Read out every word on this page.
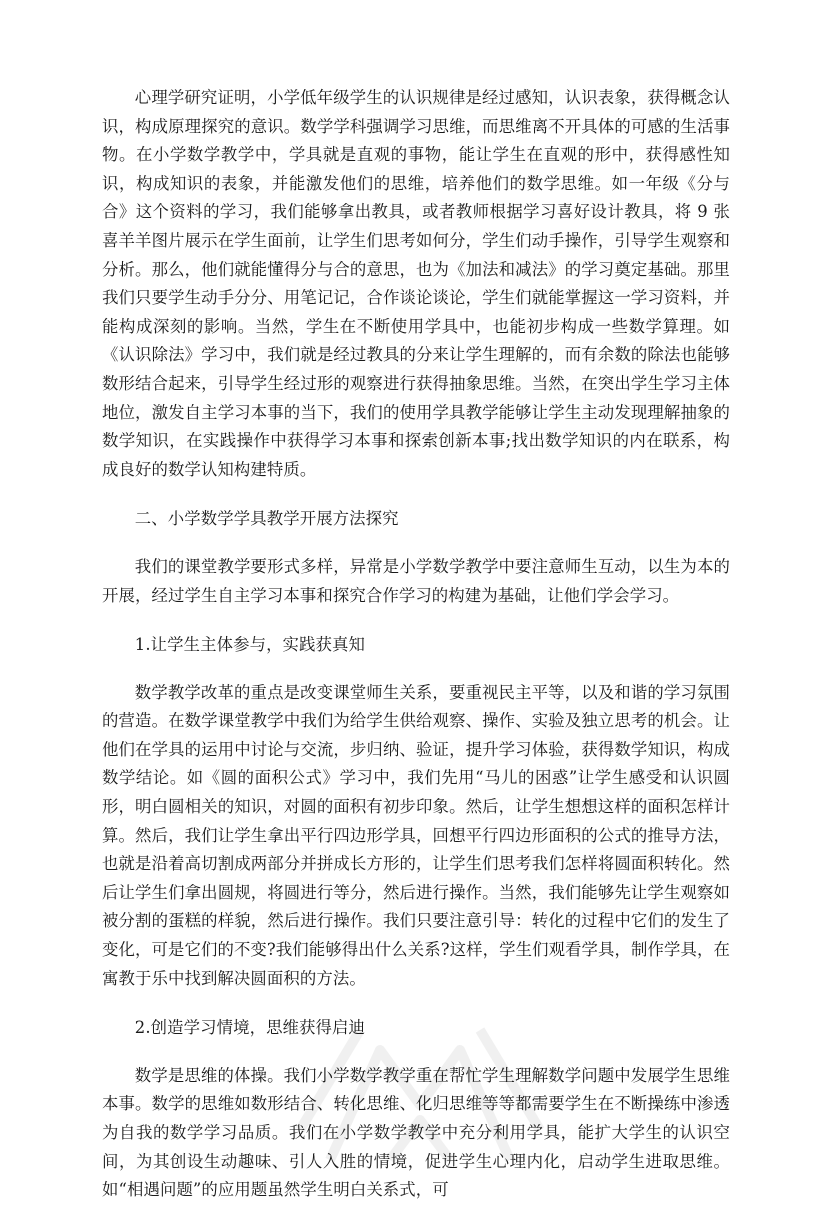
心理学研究证明，小学低年级学生的认识规律是经过感知，认识表象，获得概念认识，构成原理探究的意识。数学学科强调学习思维，而思维离不开具体的可感的生活事物。在小学数学教学中，学具就是直观的事物，能让学生在直观的形中，获得感性知识，构成知识的表象，并能激发他们的思维，培养他们的数学思维。如一年级《分与合》这个资料的学习，我们能够拿出教具，或者教师根据学习喜好设计教具，将 9 张喜羊羊图片展示在学生面前，让学生们思考如何分，学生们动手操作，引导学生观察和分析。那么，他们就能懂得分与合的意思，也为《加法和减法》的学习奠定基础。那里我们只要学生动手分分、用笔记记，合作谈论谈论，学生们就能掌握这一学习资料，并能构成深刻的影响。当然，学生在不断使用学具中，也能初步构成一些数学算理。如《认识除法》学习中，我们就是经过教具的分来让学生理解的，而有余数的除法也能够数形结合起来，引导学生经过形的观察进行获得抽象思维。当然，在突出学生学习主体地位，激发自主学习本事的当下，我们的使用学具教学能够让学生主动发现理解抽象的数学知识，在实践操作中获得学习本事和探索创新本事;找出数学知识的内在联系，构成良好的数学认知构建特质。

二、小学数学学具教学开展方法探究

我们的课堂教学要形式多样，异常是小学数学教学中要注意师生互动，以生为本的开展，经过学生自主学习本事和探究合作学习的构建为基础，让他们学会学习。

1.让学生主体参与，实践获真知

数学教学改革的重点是改变课堂师生关系，要重视民主平等，以及和谐的学习氛围的营造。在数学课堂教学中我们为给学生供给观察、操作、实验及独立思考的机会。让他们在学具的运用中讨论与交流，步归纳、验证，提升学习体验，获得数学知识，构成数学结论。如《圆的面积公式》学习中，我们先用“马儿的困惑”让学生感受和认识圆形，明白圆相关的知识，对圆的面积有初步印象。然后，让学生想想这样的面积怎样计算。然后，我们让学生拿出平行四边形学具，回想平行四边形面积的公式的推导方法，也就是沿着高切割成两部分并拼成长方形的，让学生们思考我们怎样将圆面积转化。然后让学生们拿出圆规，将圆进行等分，然后进行操作。当然，我们能够先让学生观察如被分割的蛋糕的样貌，然后进行操作。我们只要注意引导：转化的过程中它们的发生了变化，可是它们的不变?我们能够得出什么关系?这样，学生们观看学具，制作学具，在寓教于乐中找到解决圆面积的方法。

2.创造学习情境，思维获得启迪

数学是思维的体操。我们小学数学教学重在帮忙学生理解数学问题中发展学生思维本事。数学的思维如数形结合、转化思维、化归思维等等都需要学生在不断操练中渗透为自我的数学学习品质。我们在小学数学教学中充分利用学具，能扩大学生的认识空间，为其创设生动趣味、引人入胜的情境，促进学生心理内化，启动学生进取思维。如“相遇问题”的应用题虽然学生明白关系式，可
